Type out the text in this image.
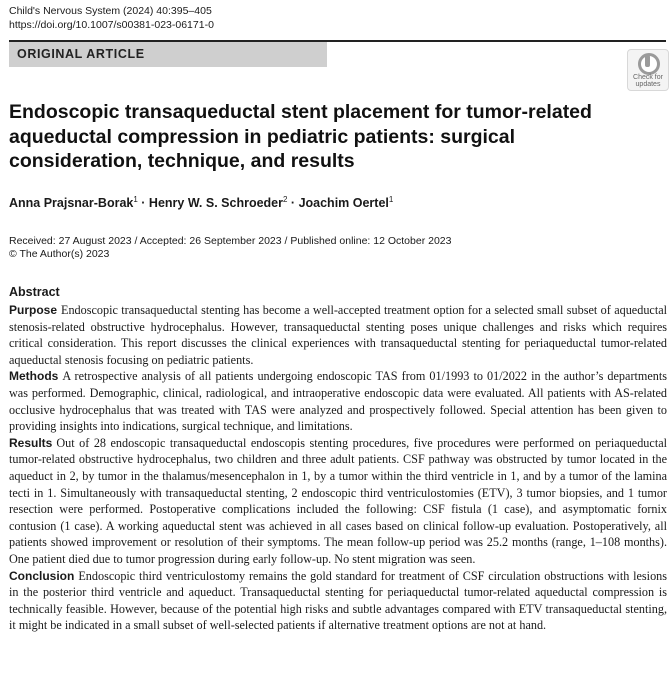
Child's Nervous System (2024) 40:395–405
https://doi.org/10.1007/s00381-023-06171-0
ORIGINAL ARTICLE
Check for
updates
Endoscopic transaqueductal stent placement for tumor-related aqueductal compression in pediatric patients: surgical consideration, technique, and results
Anna Prajsnar-Borak$^1$ · Henry W. S. Schroeder$^2$ · Joachim Oertel$^1$
Received: 27 August 2023 / Accepted: 26 September 2023 / Published online: 12 October 2023
© The Author(s) 2023
Abstract

Purpose Endoscopic transaqueductal stenting has become a well-accepted treatment option for a selected small subset of aqueductal stenosis-related obstructive hydrocephalus. However, transaqueductal stenting poses unique challenges and risks which requires critical consideration. This report discusses the clinical experiences with transaqueductal stenting for periaqueductal tumor-related aqueductal stenosis focusing on pediatric patients.

Methods A retrospective analysis of all patients undergoing endoscopic TAS from 01/1993 to 01/2022 in the author’s departments was performed. Demographic, clinical, radiological, and intraoperative endoscopic data were evaluated. All patients with AS-related occlusive hydrocephalus that was treated with TAS were analyzed and prospectively followed. Special attention has been given to providing insights into indications, surgical technique, and limitations.

Results Out of 28 endoscopic transaqueductal endoscopis stenting procedures, five procedures were performed on periaqueductal tumor-related obstructive hydrocephalus, two children and three adult patients. CSF pathway was obstructed by tumor located in the aqueduct in 2, by tumor in the thalamus/mesencephalon in 1, by a tumor within the third ventricle in 1, and by a tumor of the lamina tecti in 1. Simultaneously with transaqueductal stenting, 2 endoscopic third ventriculostomies (ETV), 3 tumor biopsies, and 1 tumor resection were performed. Postoperative complications included the following: CSF fistula (1 case), and asymptomatic fornix contusion (1 case). A working aqueductal stent was achieved in all cases based on clinical follow-up evaluation. Postoperatively, all patients showed improvement or resolution of their symptoms. The mean follow-up period was 25.2 months (range, 1–108 months). One patient died due to tumor progression during early follow-up. No stent migration was seen.

Conclusion Endoscopic third ventriculostomy remains the gold standard for treatment of CSF circulation obstructions with lesions in the posterior third ventricle and aqueduct. Transaqueductal stenting for periaqueductal tumor-related aqueductal compression is technically feasible. However, because of the potential high risks and subtle advantages compared with ETV transaqueductal stenting, it might be indicated in a small subset of well-selected patients if alternative treatment options are not at hand.
